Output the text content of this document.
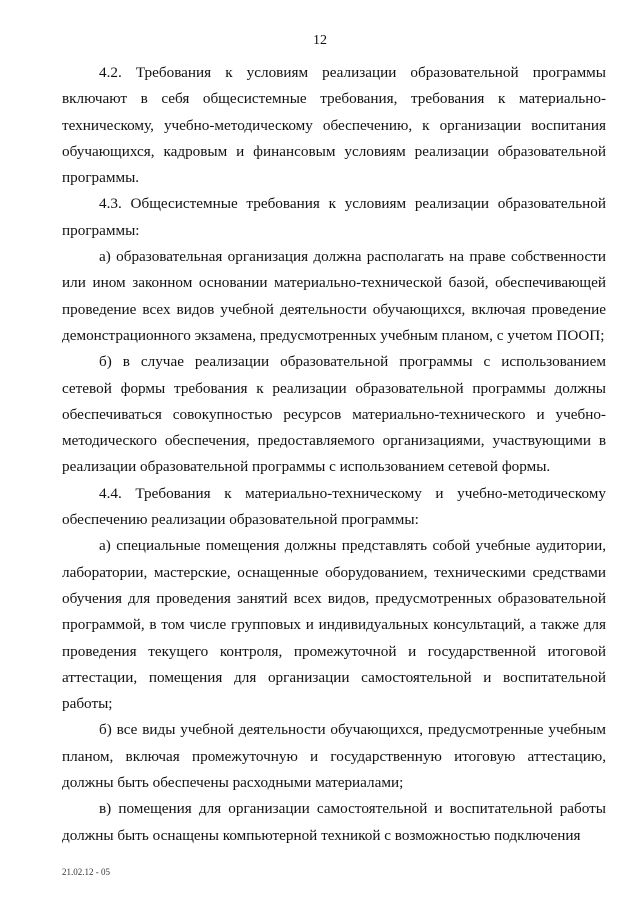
12

4.2. Требования к условиям реализации образовательной программы включают в себя общесистемные требования, требования к материально-техническому, учебно-методическому обеспечению, к организации воспитания обучающихся, кадровым и финансовым условиям реализации образовательной программы.

4.3. Общесистемные требования к условиям реализации образовательной программы:

а) образовательная организация должна располагать на праве собственности или ином законном основании материально-технической базой, обеспечивающей проведение всех видов учебной деятельности обучающихся, включая проведение демонстрационного экзамена, предусмотренных учебным планом, с учетом ПООП;

б) в случае реализации образовательной программы с использованием сетевой формы требования к реализации образовательной программы должны обеспечиваться совокупностью ресурсов материально-технического и учебно-методического обеспечения, предоставляемого организациями, участвующими в реализации образовательной программы с использованием сетевой формы.

4.4. Требования к материально-техническому и учебно-методическому обеспечению реализации образовательной программы:

а) специальные помещения должны представлять собой учебные аудитории, лаборатории, мастерские, оснащенные оборудованием, техническими средствами обучения для проведения занятий всех видов, предусмотренных образовательной программой, в том числе групповых и индивидуальных консультаций, а также для проведения текущего контроля, промежуточной и государственной итоговой аттестации, помещения для организации самостоятельной и воспитательной работы;

б) все виды учебной деятельности обучающихся, предусмотренные учебным планом, включая промежуточную и государственную итоговую аттестацию, должны быть обеспечены расходными материалами;

в) помещения для организации самостоятельной и воспитательной работы должны быть оснащены компьютерной техникой с возможностью подключения

21.02.12 - 05
